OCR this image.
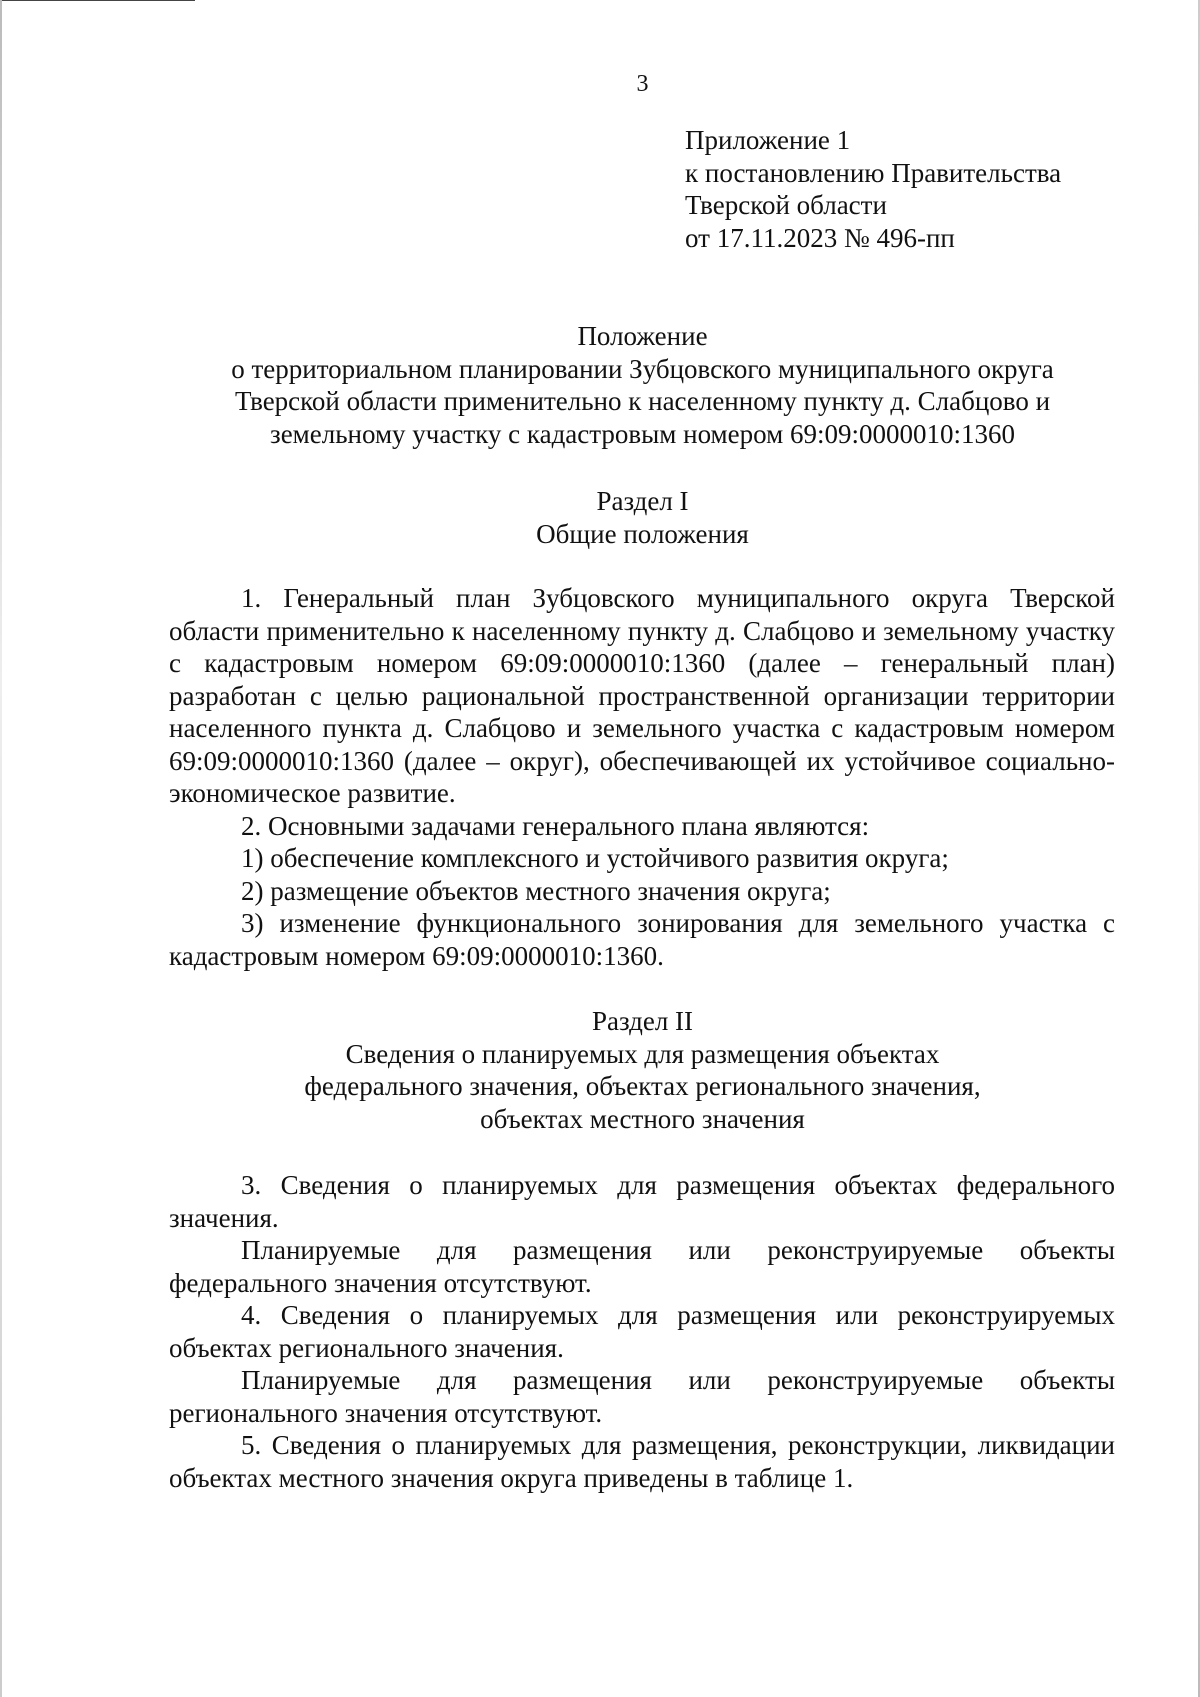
3
Приложение 1
к постановлению Правительства
Тверской области
от 17.11.2023 № 496-пп
Положение
о территориальном планировании Зубцовского муниципального округа
Тверской области применительно к населенному пункту д. Слабцово и
земельному участку с кадастровым номером 69:09:0000010:1360
Раздел I
Общие положения

1. Генеральный план Зубцовского муниципального округа Тверской области применительно к населенному пункту д. Слабцово и земельному участку с кадастровым номером 69:09:0000010:1360 (далее – генеральный план) разработан с целью рациональной пространственной организации территории населенного пункта д. Слабцово и земельного участка с кадастровым номером 69:09:0000010:1360 (далее – округ), обеспечивающей их устойчивое социально-экономическое развитие.

2. Основными задачами генерального плана являются:

1) обеспечение комплексного и устойчивого развития округа;

2) размещение объектов местного значения округа;

3) изменение функционального зонирования для земельного участка с кадастровым номером 69:09:0000010:1360.

Раздел II
Сведения о планируемых для размещения объектах
федерального значения, объектах регионального значения,
объектах местного значения

3. Сведения о планируемых для размещения объектах федерального значения.

Планируемые для размещения или реконструируемые объекты федерального значения отсутствуют.

4. Сведения о планируемых для размещения или реконструируемых объектах регионального значения.

Планируемые для размещения или реконструируемые объекты регионального значения отсутствуют.

5. Сведения о планируемых для размещения, реконструкции, ликвидации объектах местного значения округа приведены в таблице 1.
